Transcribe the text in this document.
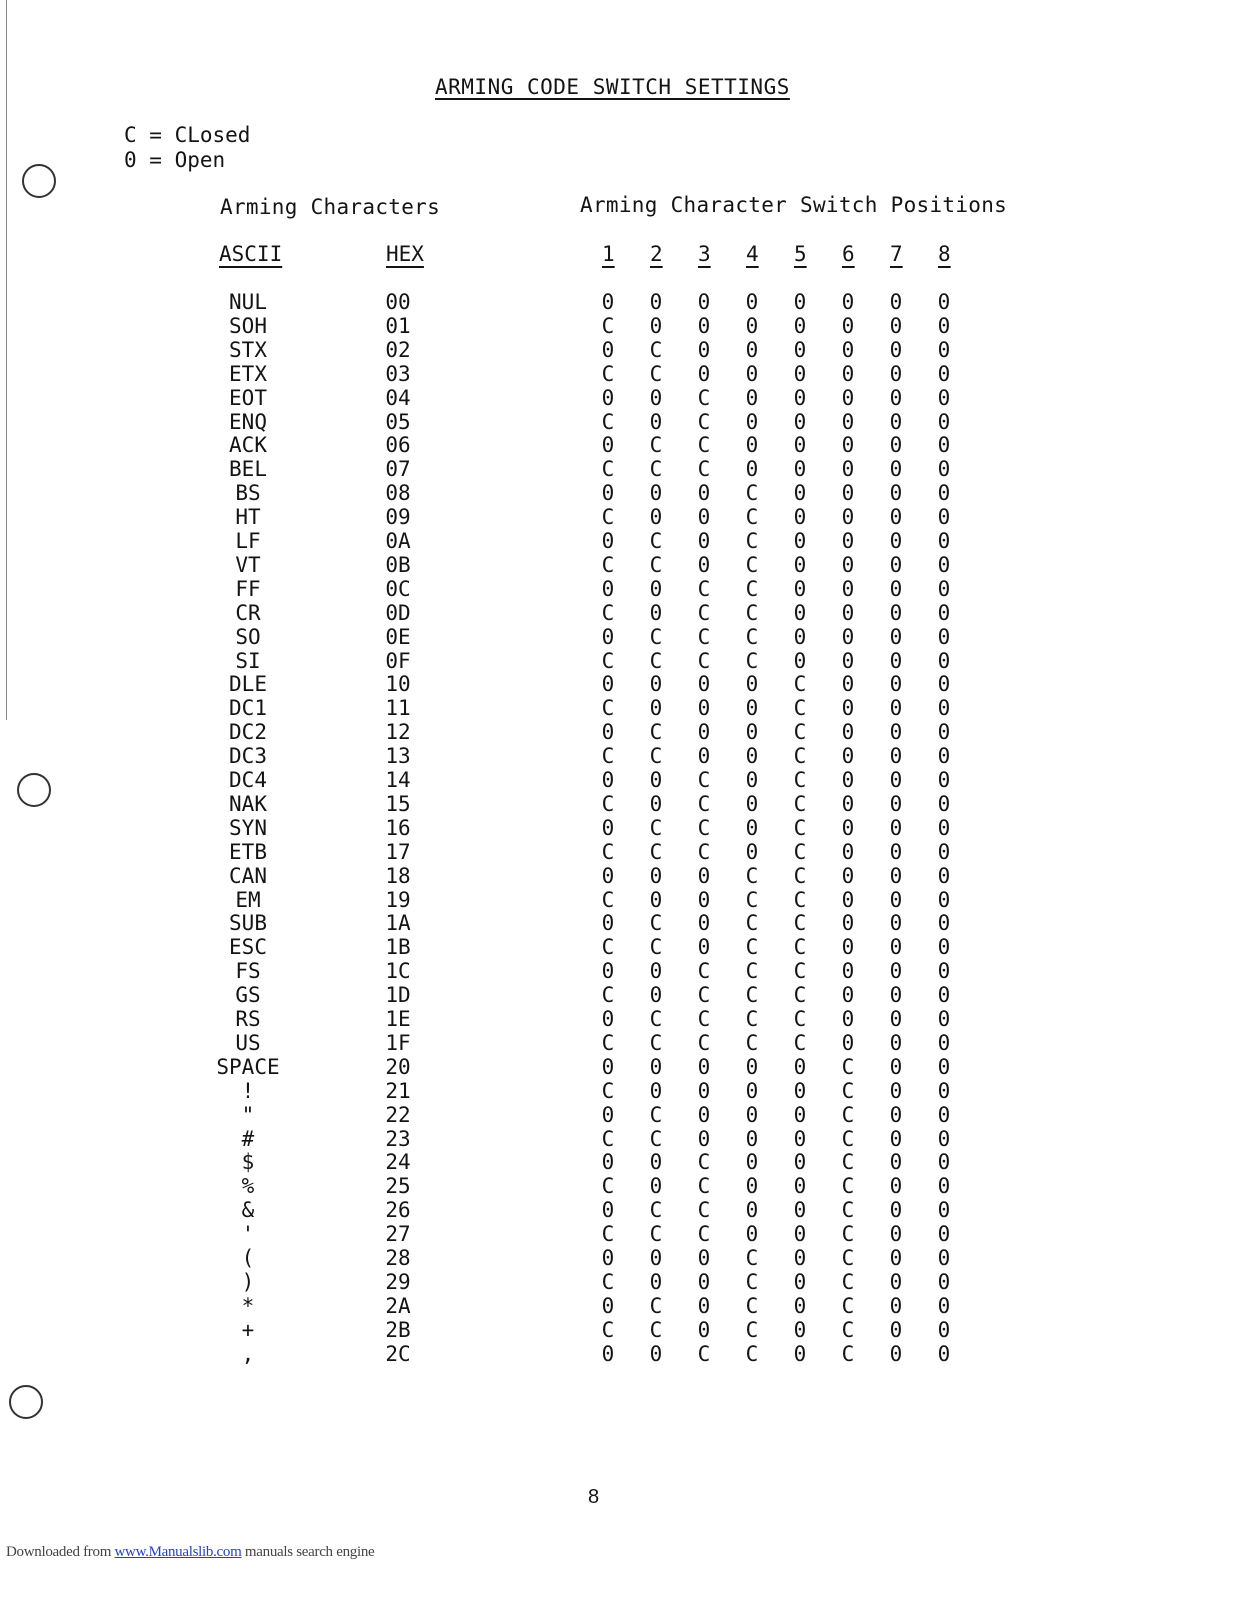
ARMING CODE SWITCH SETTINGS
C = CLosed
0 = Open
Arming Characters	Arming Character Switch Positions
ASCII	HEX	1 2 3 4 5 6 7 8
NUL	00	0 0 0 0 0 0 0 0
SOH	01	C 0 0 0 0 0 0 0
STX	02	0 C 0 0 0 0 0 0
ETX	03	C C 0 0 0 0 0 0
EOT	04	0 0 C 0 0 0 0 0
ENQ	05	C 0 C 0 0 0 0 0
ACK	06	0 C C 0 0 0 0 0
BEL	07	C C C 0 0 0 0 0
BS	08	0 0 0 C 0 0 0 0
HT	09	C 0 0 C 0 0 0 0
LF	0A	0 C 0 C 0 0 0 0
VT	0B	C C 0 C 0 0 0 0
FF	0C	0 0 C C 0 0 0 0
CR	0D	C 0 C C 0 0 0 0
SO	0E	0 C C C 0 0 0 0
SI	0F	C C C C 0 0 0 0
DLE	10	0 0 0 0 C 0 0 0
DC1	11	C 0 0 0 C 0 0 0
DC2	12	0 C 0 0 C 0 0 0
DC3	13	C C 0 0 C 0 0 0
DC4	14	0 0 C 0 C 0 0 0
NAK	15	C 0 C 0 C 0 0 0
SYN	16	0 C C 0 C 0 0 0
ETB	17	C C C 0 C 0 0 0
CAN	18	0 0 0 C C 0 0 0
EM	19	C 0 0 C C 0 0 0
SUB	1A	0 C 0 C C 0 0 0
ESC	1B	C C 0 C C 0 0 0
FS	1C	0 0 C C C 0 0 0
GS	1D	C 0 C C C 0 0 0
RS	1E	0 C C C C 0 0 0
US	1F	C C C C C 0 0 0
SPACE	20	0 0 0 0 0 C 0 0
!	21	C 0 0 0 0 C 0 0
"	22	0 C 0 0 0 C 0 0
#	23	C C 0 0 0 C 0 0
$	24	0 0 C 0 0 C 0 0
%	25	C 0 C 0 0 C 0 0
&	26	0 C C 0 0 C 0 0
'	27	C C C 0 0 C 0 0
(	28	0 0 0 C 0 C 0 0
)	29	C 0 0 C 0 C 0 0
*	2A	0 C 0 C 0 C 0 0
+	2B	C C 0 C 0 C 0 0
,	2C	0 0 C C 0 C 0 0
8
Downloaded from www.Manualslib.com manuals search engine
